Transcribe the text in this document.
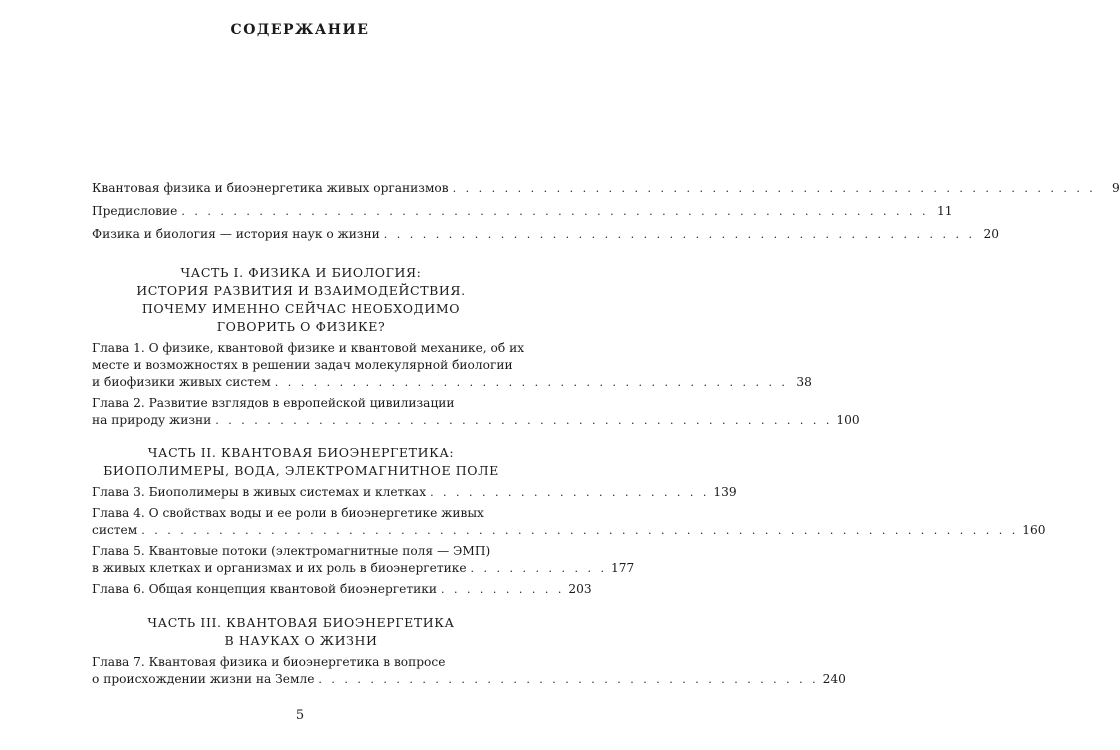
СОДЕРЖАНИЕ
Квантовая физика и биоэнергетика живых организмов . . . . . . . . . . . . . . . . . . . . . . . . . . . . . . . . . . . . . . . . . . . . . . . . . .	9
Предисловие . . . . . . . . . . . . . . . . . . . . . . . . . . . . . . . . . . . . . . . . . . . . . . . . . . . . . . . . . . 11
Физика и биология — история наук о жизни . . . . . . . . . . . . . . . . . . . . . . . . . . . . . . . . . . . . . . . . . . . . . . 20
ЧАСТЬ I. ФИЗИКА И БИОЛОГИЯ:
ИСТОРИЯ РАЗВИТИЯ И ВЗАИМОДЕЙСТВИЯ.
ПОЧЕМУ ИМЕННО СЕЙЧАС НЕОБХОДИМО
ГОВОРИТЬ О ФИЗИКЕ?
Глава 1. О физике, квантовой физике и квантовой механике, об их
месте и возможностях в решении задач молекулярной биологии
и биофизики живых систем . . . . . . . . . . . . . . . . . . . . . . . . . . . . . . . . . . . . . . . . 38
Глава 2. Развитие взглядов в европейской цивилизации
на природу жизни . . . . . . . . . . . . . . . . . . . . . . . . . . . . . . . . . . . . . . . . . . . . . . . . 100
ЧАСТЬ II. КВАНТОВАЯ БИОЭНЕРГЕТИКА:
БИОПОЛИМЕРЫ, ВОДА, ЭЛЕКТРОМАГНИТНОЕ ПОЛЕ
Глава 3. Биополимеры в живых системах и клетках . . . . . . . . . . . . . . . . . . . . . . 139
Глава 4. О свойствах воды и ее роли в биоэнергетике живых
систем . . . . . . . . . . . . . . . . . . . . . . . . . . . . . . . . . . . . . . . . . . . . . . . . . . . . . . . . . . . . . . . . . . . . 160
Глава 5. Квантовые потоки (электромагнитные поля — ЭМП)
в живых клетках и организмах и их роль в биоэнергетике . . . . . . . . . . . 177
Глава 6. Общая концепция квантовой биоэнергетики . . . . . . . . . . 203
ЧАСТЬ III. КВАНТОВАЯ БИОЭНЕРГЕТИКА
В НАУКАХ О ЖИЗНИ
Глава 7. Квантовая физика и биоэнергетика в вопросе
о происхождении жизни на Земле . . . . . . . . . . . . . . . . . . . . . . . . . . . . . . . . . . . . . . . 240
5
